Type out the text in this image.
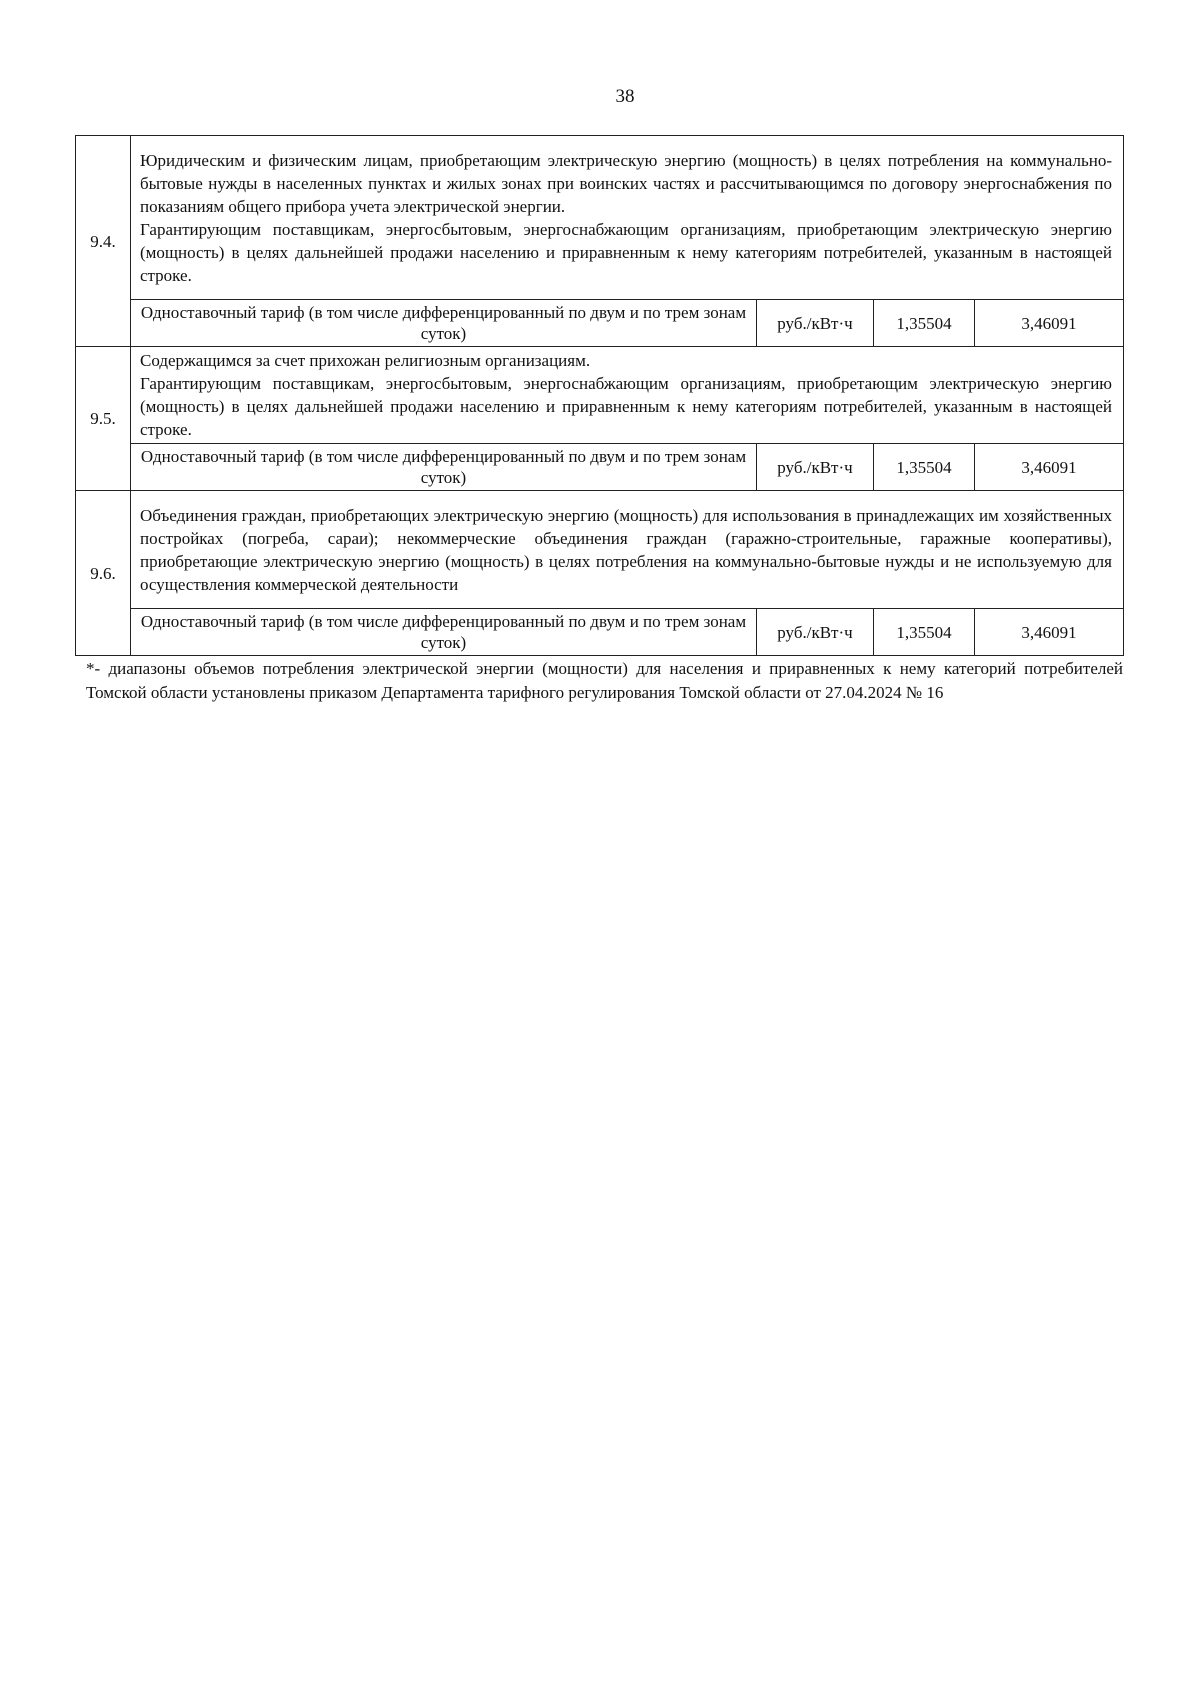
38
9.4.	Юридическим и физическим лицам, приобретающим электрическую энергию (мощность) в целях потребления на коммунально-бытовые нужды в населенных пунктах и жилых зонах при воинских частях и рассчитывающимся по договору энергоснабжения по показаниям общего прибора учета электрической энергии.

Гарантирующим поставщикам, энергосбытовым, энергоснабжающим организациям, приобретающим электрическую энергию (мощность) в целях дальнейшей продажи населению и приравненным к нему категориям потребителей, указанным в настоящей строке.			

	Одноставочный тариф (в том числе дифференцированный по двум и по трем зонам суток)	руб./кВт·ч	1,35504	3,46091
9.5.	Содержащимся за счет прихожан религиозным организациям.

Гарантирующим поставщикам, энергосбытовым, энергоснабжающим организациям, приобретающим электрическую энергию (мощность) в целях дальнейшей продажи населению и приравненным к нему категориям потребителей, указанным в настоящей строке.			

	Одноставочный тариф (в том числе дифференцированный по двум и по трем зонам суток)	руб./кВт·ч	1,35504	3,46091
9.6.	Объединения граждан, приобретающих электрическую энергию (мощность) для использования в принадлежащих им хозяйственных постройках (погреба, сараи); некоммерческие объединения граждан (гаражно-строительные, гаражные кооперативы), приобретающие электрическую энергию (мощность) в целях потребления на коммунально-бытовые нужды и не используемую для осуществления коммерческой деятельности			

	Одноставочный тариф (в том числе дифференцированный по двум и по трем зонам суток)	руб./кВт·ч	1,35504	3,46091

*- диапазоны объемов потребления электрической энергии (мощности) для населения и приравненных к нему категорий потребителей Томской области установлены приказом Департамента тарифного регулирования Томской области от 27.04.2024 № 16
